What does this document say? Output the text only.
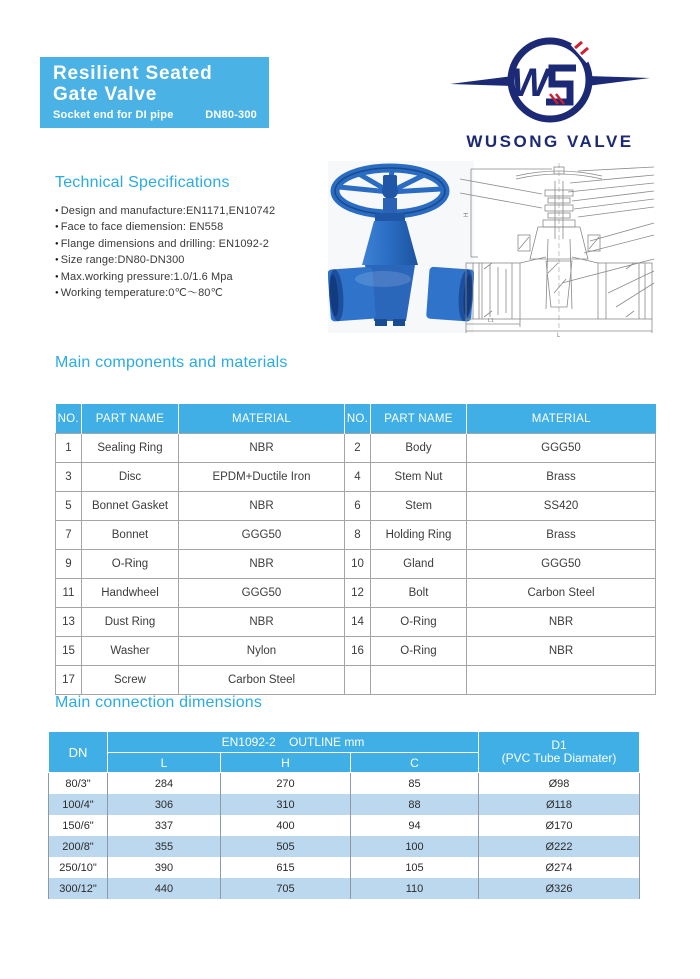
Resilient Seated
Gate Valve
Socket end for DI pipe	DN80-300
W
WUSONG VALVE
Technical Specifications
● Design and manufacture:EN1171,EN10742
● Face to face diemension: EN558
● Flange dimensions and drilling: EN1092-2
● Size range:DN80-DN300
● Max.working pressure:1.0/1.6 Mpa
● Working temperature:0℃～80℃
H
L
L1
Main components and materials
NO.	PART NAME	MATERIAL	NO.	PART NAME	MATERIAL
1	Sealing Ring	NBR	2	Body	GGG50
3	Disc	EPDM+Ductile Iron	4	Stem Nut	Brass
5	Bonnet Gasket	NBR	6	Stem	SS420
7	Bonnet	GGG50	8	Holding Ring	Brass
9	O-Ring	NBR	10	Gland	GGG50
11	Handwheel	GGG50	12	Bolt	Carbon Steel
13	Dust Ring	NBR	14	O-Ring	NBR
15	Washer	Nylon	16	O-Ring	NBR
17	Screw	Carbon Steel			
Main connection dimensions
DN	EN1092-2    OUTLINE mm			D1
(PVC Tube Diamater)

	L	H	C	
80/3"	284	270	85	Ø98
100/4"	306	310	88	Ø118
150/6"	337	400	94	Ø170
200/8"	355	505	100	Ø222
250/10"	390	615	105	Ø274
300/12"	440	705	110	Ø326
